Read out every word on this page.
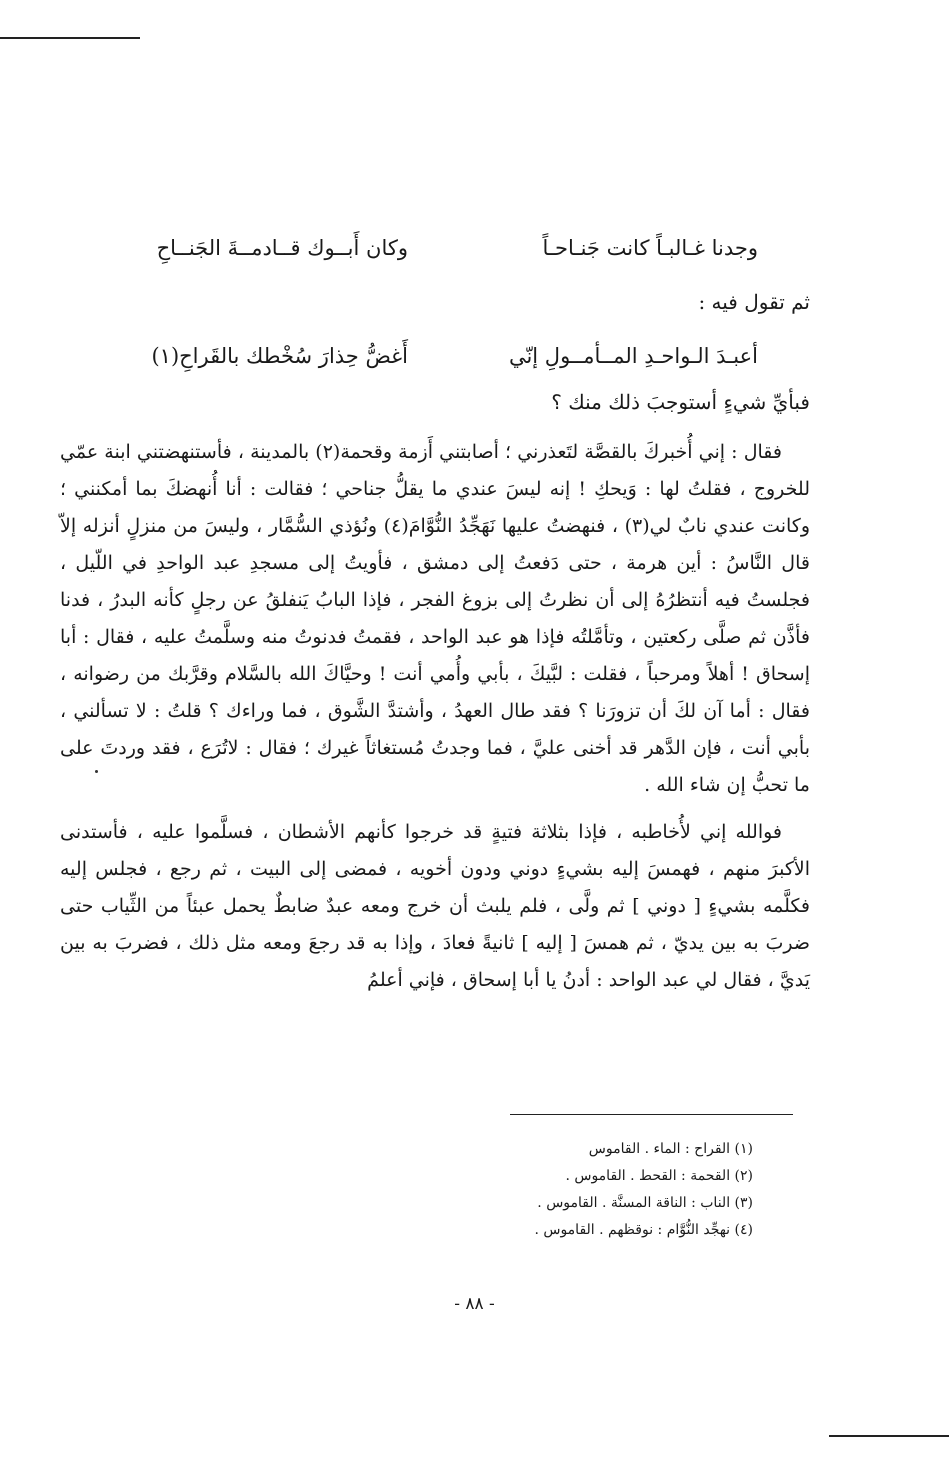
وجدنا غـالبـاً كانت جَنـاحـاً
وكان أَبــوك قــادمــةَ الجَنــاحِ
ثم تقول فيه :
أعبـدَ الـواحـدِ المــأمــولِ إنّي
أَغضُّ حِذارَ سُخْطك بالقَراحِ(١)
فبأيِّ شيءٍ أستوجبَ ذلك منك ؟

فقال : إني أُخبركَ بالقصَّة لتَعذرني ؛ أصابتني أَزمة وقحمة(٢) بالمدينة ، فأستنهضتني ابنة عمّي للخروج ، فقلتُ لها : وَيحكِ ! إنه ليسَ عندي ما يقلُّ جناحي ؛ فقالت : أنا أُنهضكَ بما أمكنني ؛ وكانت عندي نابٌ لي(٣) ، فنهضتُ عليها نَهَجِّدُ النُّوَّامَ(٤) ونُؤذي السُّمَّار ، وليسَ من منزلٍ أنزله إلاّ قال النَّاسُ : أين هرمة ، حتى دَفعتُ إلى دمشق ، فأويتُ إلى مسجدِ عبد الواحدِ في اللّيل ، فجلستُ فيه أنتظرُهُ إلى أن نظرتُ إلى بزوغ الفجر ، فإذا البابُ يَنفلقُ عن رجلٍ كأنه البدرُ ، فدنا فأذَّن ثم صلَّى ركعتين ، وتأمَّلتُه فإذا هو عبد الواحد ، فقمتُ فدنوتُ منه وسلَّمتُ عليه ، فقال : أبا إسحاق ! أهلاً ومرحباً ، فقلت : لبَّيكَ ، بأبي وأُمي أنت ! وحيَّاكَ الله بالسَّلام وقرَّبك من رضوانه ، فقال : أما آن لكَ أن تزورَنا ؟ فقد طال العهدُ ، وأشتدَّ الشَّوق ، فما وراءك ؟ قلتُ : لا تسألني ، بأبي أنت ، فإن الدَّهر قد أخنى عليَّ ، فما وجدتُ مُستغاثاً غيرك ؛ فقال : لاتُرَع ، فقد وردتَ على ما تحبُّ إن شاء الله .

فوالله إني لأُخاطبه ، فإذا بثلاثة فتيةٍ قد خرجوا كأنهم الأشطان ، فسلَّموا عليه ، فأستدنى الأكبرَ منهم ، فهمسَ إليه بشيءٍ دوني ودون أخويه ، فمضى إلى البيت ، ثم رجع ، فجلس إليه فكلَّمه بشيءٍ [ دوني ] ثم ولَّى ، فلم يلبث أن خرج ومعه عبدٌ ضابطٌ يحمل عبئاً من الثِّياب حتى ضربَ به بين يديّ ، ثم همسَ [ إليه ] ثانيةً فعادَ ، وإذا به قد رجعَ ومعه مثل ذلك ، فضربَ به بين يَديَّ ، فقال لي عبد الواحد : أدنُ يا أبا إسحاق ، فإني أعلمُ

(١) القراح : الماء . القاموس
(٢) القحمة : القحط . القاموس .
(٣) الناب : الناقة المسنَّة . القاموس .
(٤) نهجِّد النُّوَّام : نوقظهم . القاموس .
- ٨٨ -
